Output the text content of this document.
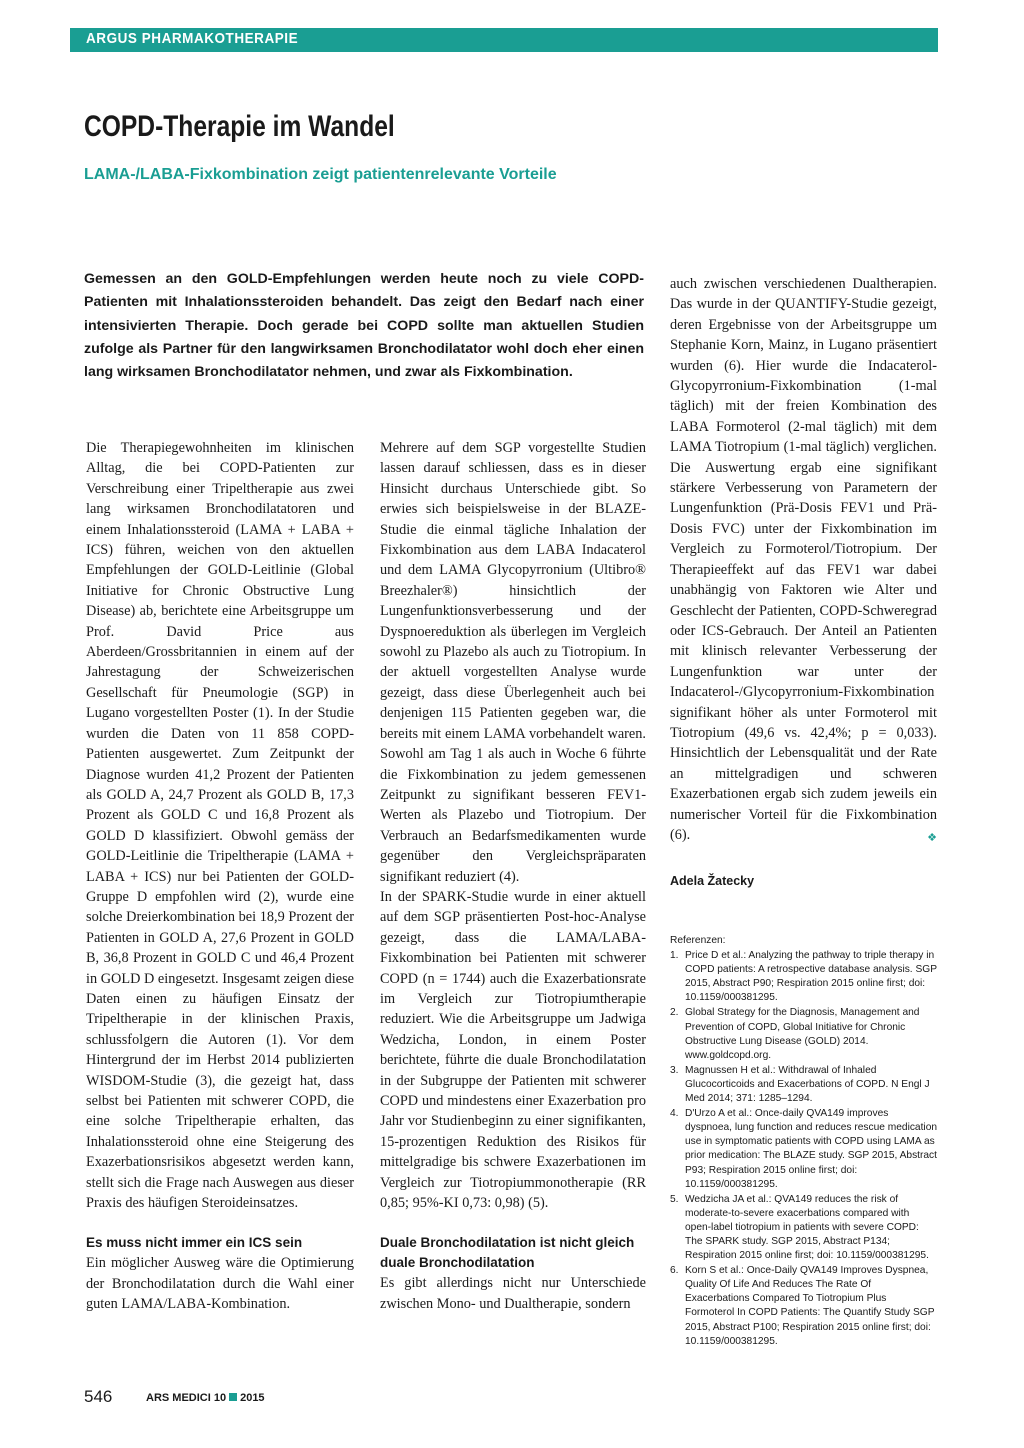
ARGUS PHARMAKOTHERAPIE
COPD-Therapie im Wandel
LAMA-/LABA-Fixkombination zeigt patientenrelevante Vorteile

Gemessen an den GOLD-Empfehlungen werden heute noch zu viele COPD-Patienten mit Inhalationssteroiden behandelt. Das zeigt den Bedarf nach einer intensivierten Therapie. Doch gerade bei COPD sollte man aktuellen Studien zufolge als Partner für den langwirksamen Bronchodilatator wohl doch eher einen lang wirksamen Bronchodilatator nehmen, und zwar als Fixkombination.

Die Therapiegewohnheiten im klinischen Alltag, die bei COPD-Patienten zur Verschreibung einer Tripeltherapie aus zwei lang wirksamen Bronchodilatatoren und einem Inhalationssteroid (LAMA + LABA + ICS) führen, weichen von den aktuellen Empfehlungen der GOLD-Leitlinie (Global Initiative for Chronic Obstructive Lung Disease) ab, berichtete eine Arbeitsgruppe um Prof. David Price aus Aberdeen/Grossbritannien in einem auf der Jahrestagung der Schweizerischen Gesellschaft für Pneumologie (SGP) in Lugano vorgestellten Poster (1). In der Studie wurden die Daten von 11 858 COPD-Patienten ausgewertet. Zum Zeitpunkt der Diagnose wurden 41,2 Prozent der Patienten als GOLD A, 24,7 Prozent als GOLD B, 17,3 Prozent als GOLD C und 16,8 Prozent als GOLD D klassifiziert. Obwohl gemäss der GOLD-Leitlinie die Tripeltherapie (LAMA + LABA + ICS) nur bei Patienten der GOLD-Gruppe D empfohlen wird (2), wurde eine solche Dreierkombination bei 18,9 Prozent der Patienten in GOLD A, 27,6 Prozent in GOLD B, 36,8 Prozent in GOLD C und 46,4 Prozent in GOLD D eingesetzt. Insgesamt zeigen diese Daten einen zu häufigen Einsatz der Tripeltherapie in der klinischen Praxis, schlussfolgern die Autoren (1). Vor dem Hintergrund der im Herbst 2014 publizierten WISDOM-Studie (3), die gezeigt hat, dass selbst bei Patienten mit schwerer COPD, die eine solche Tripeltherapie erhalten, das Inhalationssteroid ohne eine Steigerung des Exazerbationsrisikos abgesetzt werden kann, stellt sich die Frage nach Auswegen aus dieser Praxis des häufigen Steroideinsatzes.

Es muss nicht immer ein ICS sein

Ein möglicher Ausweg wäre die Optimierung der Bronchodilatation durch die Wahl einer guten LAMA/LABA-Kombination.

Mehrere auf dem SGP vorgestellte Studien lassen darauf schliessen, dass es in dieser Hinsicht durchaus Unterschiede gibt. So erwies sich beispielsweise in der BLAZE-Studie die einmal tägliche Inhalation der Fixkombination aus dem LABA Indacaterol und dem LAMA Glycopyrronium (Ultibro® Breezhaler®) hinsichtlich der Lungenfunktionsverbesserung und der Dyspnoereduktion als überlegen im Vergleich sowohl zu Plazebo als auch zu Tiotropium. In der aktuell vorgestellten Analyse wurde gezeigt, dass diese Überlegenheit auch bei denjenigen 115 Patienten gegeben war, die bereits mit einem LAMA vorbehandelt waren. Sowohl am Tag 1 als auch in Woche 6 führte die Fixkombination zu jedem gemessenen Zeitpunkt zu signifikant besseren FEV1-Werten als Plazebo und Tiotropium. Der Verbrauch an Bedarfsmedikamenten wurde gegenüber den Vergleichspräparaten signifikant reduziert (4).

In der SPARK-Studie wurde in einer aktuell auf dem SGP präsentierten Post-hoc-Analyse gezeigt, dass die LAMA/LABA-Fixkombination bei Patienten mit schwerer COPD (n = 1744) auch die Exazerbationsrate im Vergleich zur Tiotropiumtherapie reduziert. Wie die Arbeitsgruppe um Jadwiga Wedzicha, London, in einem Poster berichtete, führte die duale Bronchodilatation in der Subgruppe der Patienten mit schwerer COPD und mindestens einer Exazerbation pro Jahr vor Studienbeginn zu einer signifikanten, 15-prozentigen Reduktion des Risikos für mittelgradige bis schwere Exazerbationen im Vergleich zur Tiotropiummonotherapie (RR 0,85; 95%-KI 0,73: 0,98) (5).

Duale Bronchodilatation ist nicht gleich duale Bronchodilatation

Es gibt allerdings nicht nur Unterschiede zwischen Mono- und Dualtherapie, sondern

auch zwischen verschiedenen Dualtherapien. Das wurde in der QUANTIFY-Studie gezeigt, deren Ergebnisse von der Arbeitsgruppe um Stephanie Korn, Mainz, in Lugano präsentiert wurden (6). Hier wurde die Indacaterol-Glycopyrronium-Fixkombination (1-mal täglich) mit der freien Kombination des LABA Formoterol (2-mal täglich) mit dem LAMA Tiotropium (1-mal täglich) verglichen. Die Auswertung ergab eine signifikant stärkere Verbesserung von Parametern der Lungenfunktion (Prä-Dosis FEV1 und Prä-Dosis FVC) unter der Fixkombination im Vergleich zu Formoterol/Tiotropium. Der Therapieeffekt auf das FEV1 war dabei unabhängig von Faktoren wie Alter und Geschlecht der Patienten, COPD-Schweregrad oder ICS-Gebrauch. Der Anteil an Patienten mit klinisch relevanter Verbesserung der Lungenfunktion war unter der Indacaterol-/Glycopyrronium-Fixkombination signifikant höher als unter Formoterol mit Tiotropium (49,6 vs. 42,4%; p = 0,033). Hinsichtlich der Lebensqualität und der Rate an mittelgradigen und schweren Exazerbationen ergab sich zudem jeweils ein numerischer Vorteil für die Fixkombination (6).	❖

Adela Žatecky

Referenzen:

1. Price D et al.: Analyzing the pathway to triple therapy in COPD patients: A retrospective database analysis. SGP 2015, Abstract P90; Respiration 2015 online first; doi: 10.1159/000381295.
2. Global Strategy for the Diagnosis, Management and Prevention of COPD, Global Initiative for Chronic Obstructive Lung Disease (GOLD) 2014. www.goldcopd.org.
3. Magnussen H et al.: Withdrawal of Inhaled Glucocorticoids and Exacerbations of COPD. N Engl J Med 2014; 371: 1285–1294.
4. D'Urzo A et al.: Once-daily QVA149 improves dyspnoea, lung function and reduces rescue medication use in symptomatic patients with COPD using LAMA as prior medication: The BLAZE study. SGP 2015, Abstract P93; Respiration 2015 online first; doi: 10.1159/000381295.
5. Wedzicha JA et al.: QVA149 reduces the risk of moderate-to-severe exacerbations compared with open-label tiotropium in patients with severe COPD: The SPARK study. SGP 2015, Abstract P134; Respiration 2015 online first; doi: 10.1159/000381295.
6. Korn S et al.: Once-Daily QVA149 Improves Dyspnea, Quality Of Life And Reduces The Rate Of Exacerbations Compared To Tiotropium Plus Formoterol In COPD Patients: The Quantify Study SGP 2015, Abstract P100; Respiration 2015 online first; doi: 10.1159/000381295.

546	ARS MEDICI 10 2015
